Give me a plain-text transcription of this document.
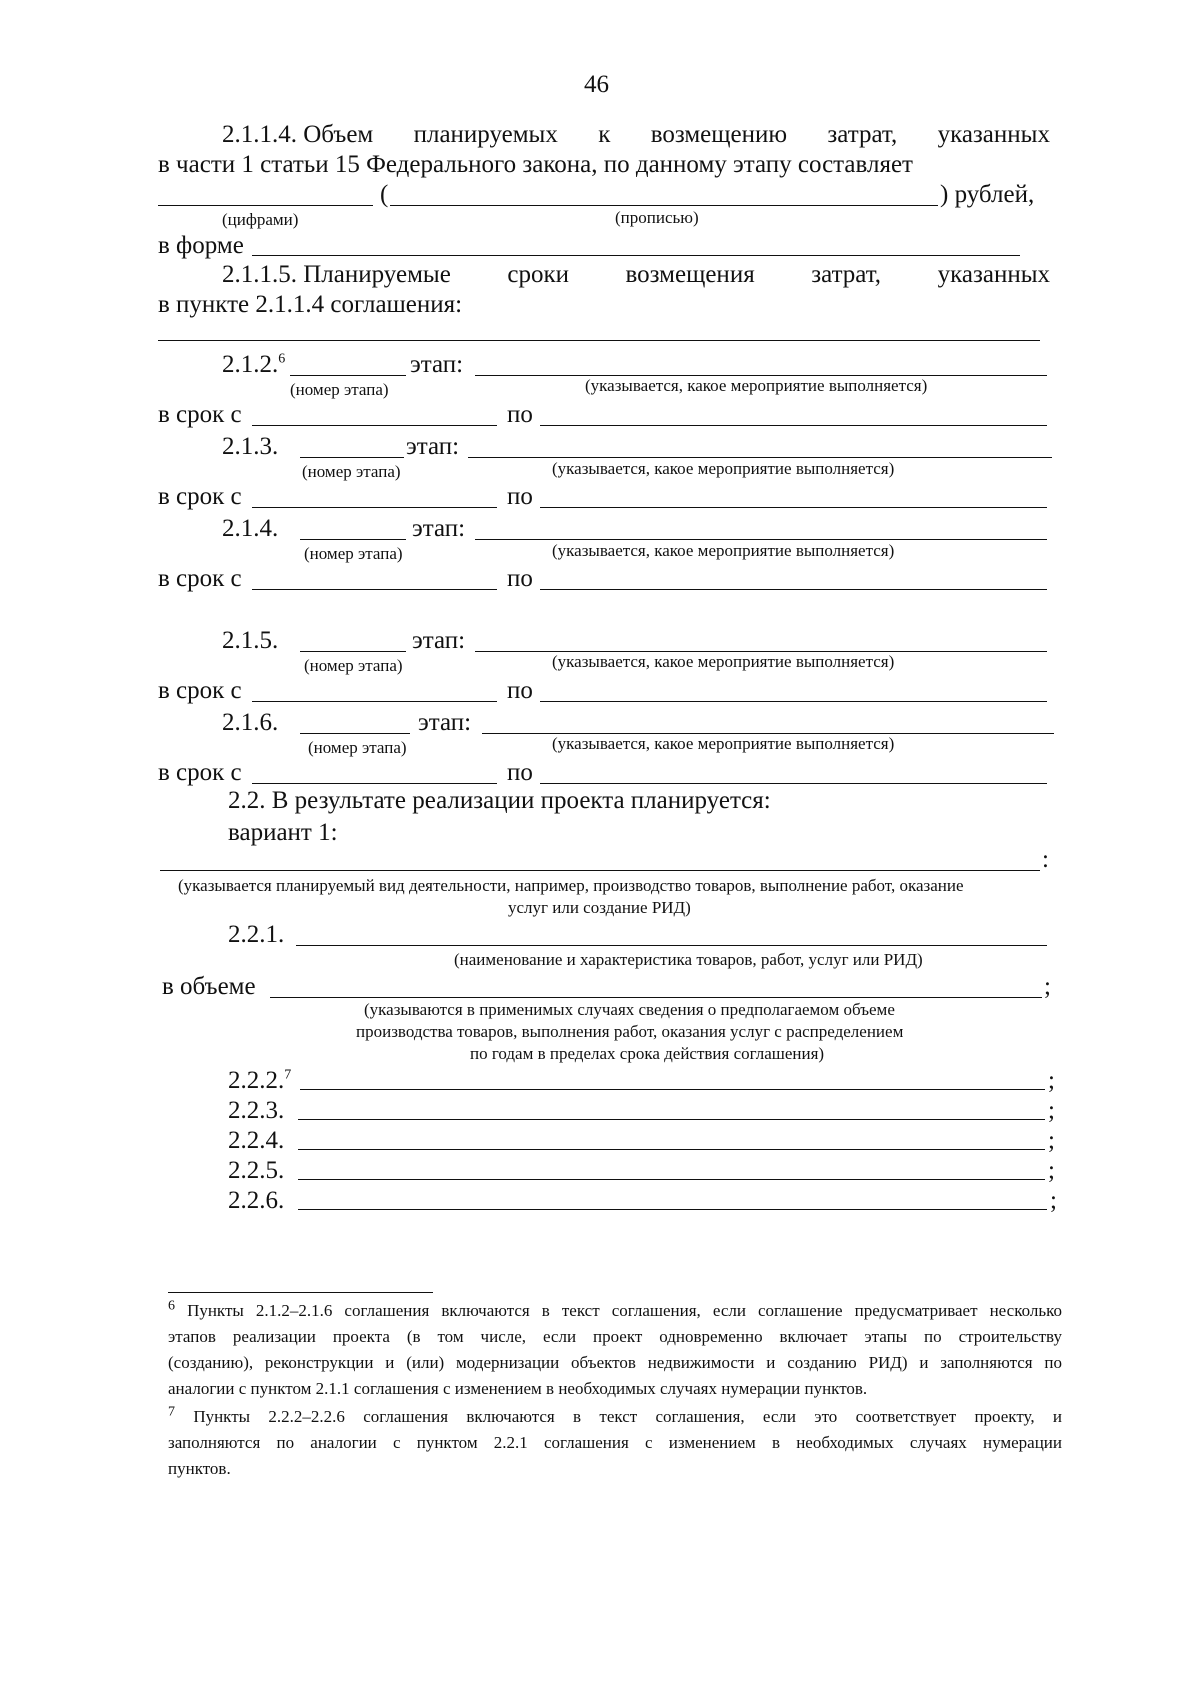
46
2.1.1.4. Объем планируемых к возмещению затрат, указанных
в части 1 статьи 15 Федерального закона, по данному этапу составляет
(	) рублей,
(цифрами)	(прописью)
в форме
2.1.1.5. Планируемые сроки возмещения затрат, указанных
в пункте 2.1.1.4 соглашения:
2.1.2.$^6$	этап:
(номер этапа)	(указывается, какое мероприятие выполняется)
в срок с	по
2.1.3.	этап:
(номер этапа)	(указывается, какое мероприятие выполняется)
в срок с	по
2.1.4.	этап:
(номер этапа)	(указывается, какое мероприятие выполняется)
в срок с	по
2.1.5.	этап:
(номер этапа)	(указывается, какое мероприятие выполняется)
в срок с	по
2.1.6.	этап:
(номер этапа)	(указывается, какое мероприятие выполняется)
в срок с	по
2.2. В результате реализации проекта планируется:
вариант 1:
:
(указывается планируемый вид деятельности, например, производство товаров, выполнение работ, оказание
услуг или создание РИД)
2.2.1.
(наименование и характеристика товаров, работ, услуг или РИД)
в объеме	;
(указываются в применимых случаях сведения о предполагаемом объеме
производства товаров, выполнения работ, оказания услуг с распределением
по годам в пределах срока действия соглашения)
2.2.2.$^7$	;
2.2.3.	;
2.2.4.	;
2.2.5.	;
2.2.6.	;
$^6$ Пункты 2.1.2–2.1.6 соглашения включаются в текст соглашения, если соглашение предусматривает несколько
этапов реализации проекта (в том числе, если проект одновременно включает этапы по строительству
(созданию), реконструкции и (или) модернизации объектов недвижимости и созданию РИД) и заполняются по
аналогии с пунктом 2.1.1 соглашения с изменением в необходимых случаях нумерации пунктов.
$^7$ Пункты 2.2.2–2.2.6 соглашения включаются в текст соглашения, если это соответствует проекту, и
заполняются по аналогии с пунктом 2.2.1 соглашения с изменением в необходимых случаях нумерации
пунктов.
